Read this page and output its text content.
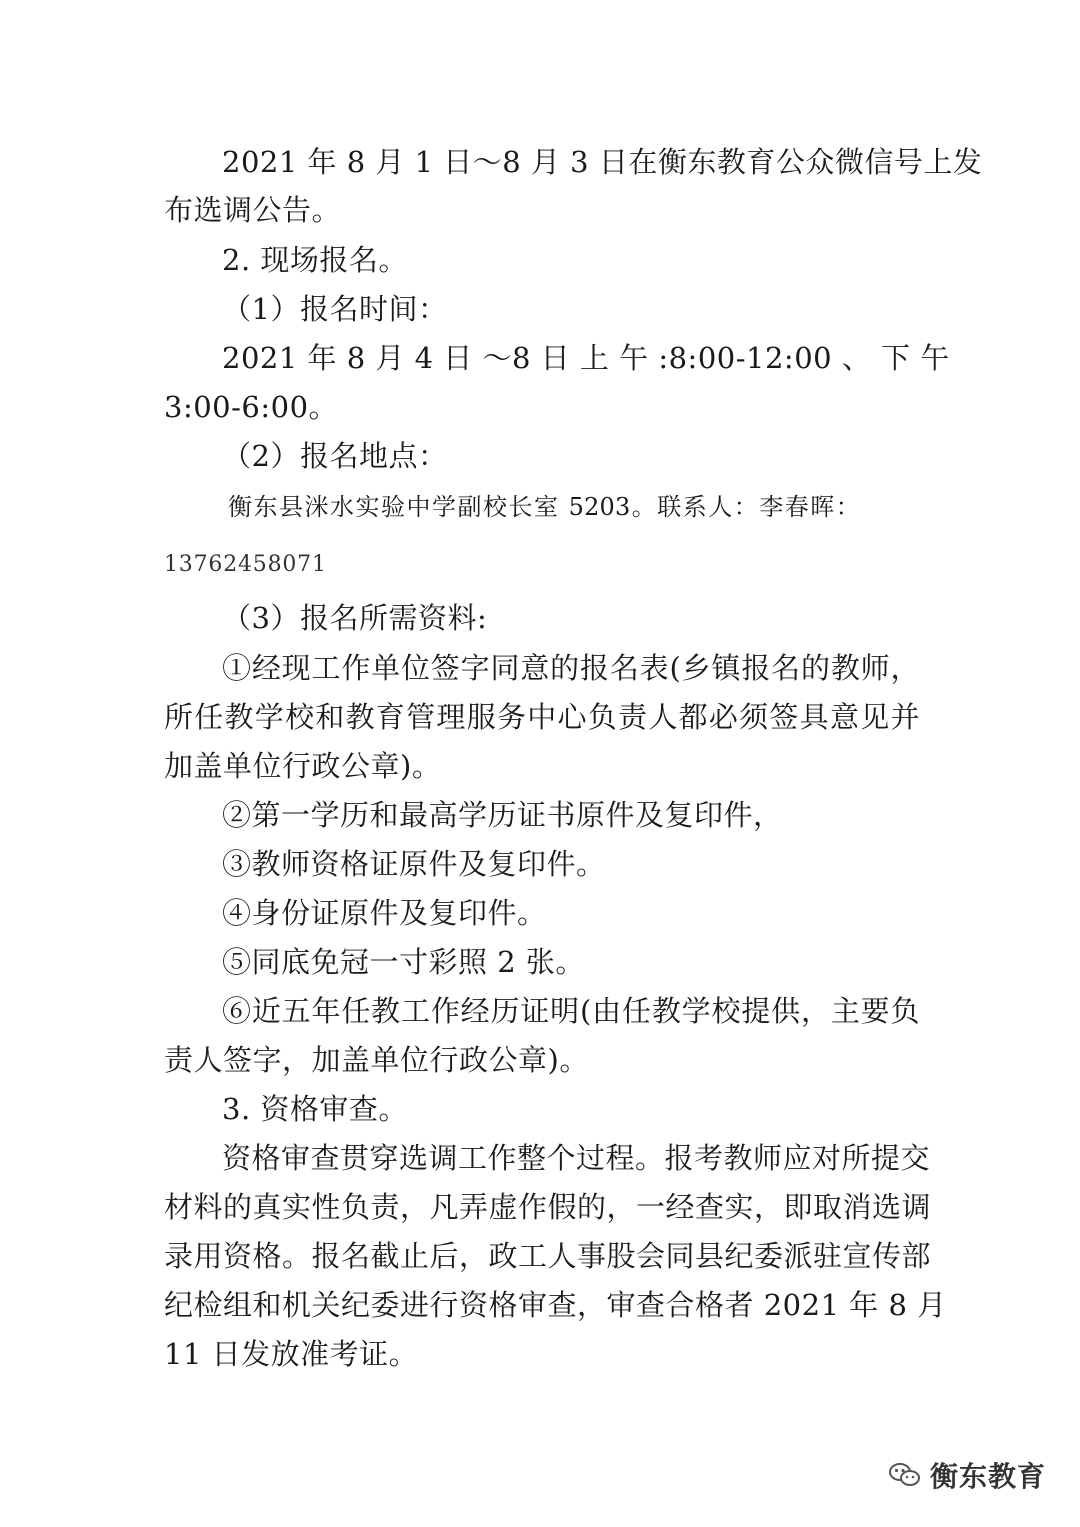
2021 年 8 月 1 日～8 月 3 日在衡东教育公众微信号上发
布选调公告。
2. 现场报名。
（1）报名时间：
2021 年 8 月 4 日 ～8 日 上 午 :8:00-12:00 、 下 午
3:00-6:00。
（2）报名地点：
衡东县洣水实验中学副校长室 5203。联系人：李春晖：
13762458071
（3）报名所需资料:
①经现工作单位签字同意的报名表(乡镇报名的教师，
所任教学校和教育管理服务中心负责人都必须签具意见并
加盖单位行政公章)。
②第一学历和最高学历证书原件及复印件，
③教师资格证原件及复印件。
④身份证原件及复印件。
⑤同底免冠一寸彩照 2 张。
⑥近五年任教工作经历证明(由任教学校提供，主要负
责人签字，加盖单位行政公章)。
3. 资格审查。
资格审查贯穿选调工作整个过程。报考教师应对所提交
材料的真实性负责，凡弄虚作假的，一经查实，即取消选调
录用资格。报名截止后，政工人事股会同县纪委派驻宣传部
纪检组和机关纪委进行资格审查，审查合格者 2021 年 8 月
11 日发放准考证。
衡东教育
